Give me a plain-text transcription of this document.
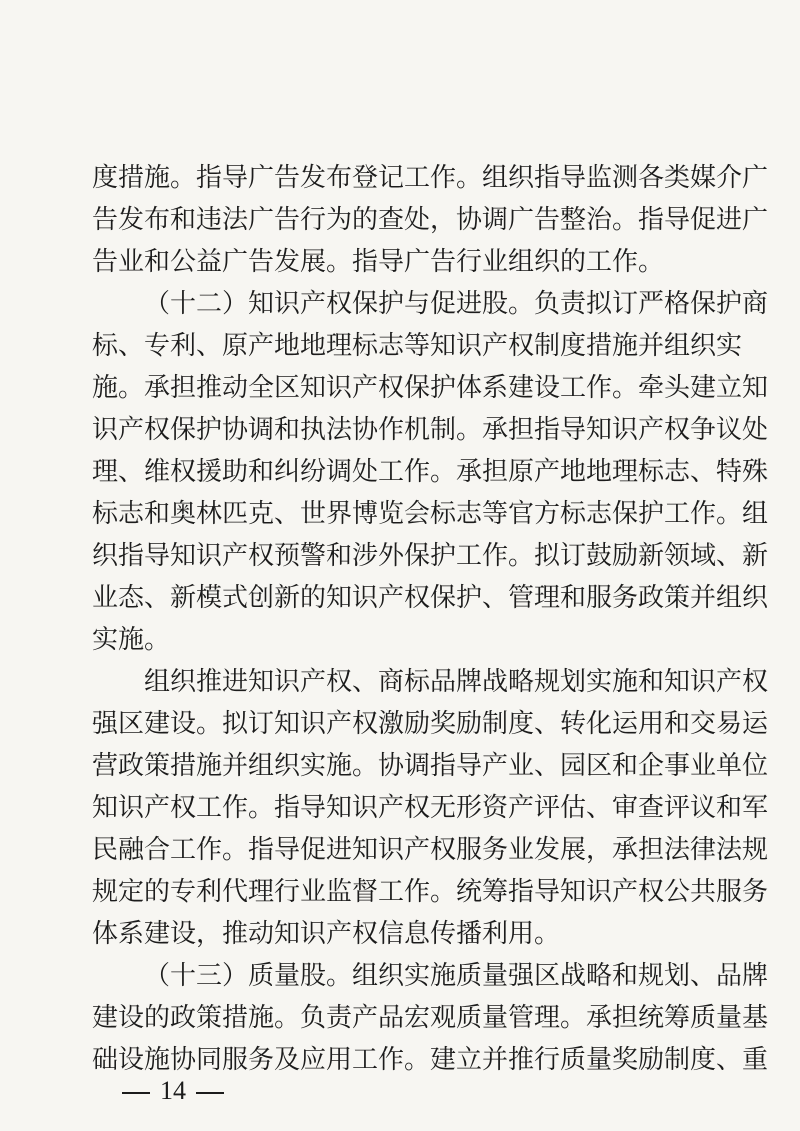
度措施。指导广告发布登记工作。组织指导监测各类媒介广
告发布和违法广告行为的查处，协调广告整治。指导促进广
告业和公益广告发展。指导广告行业组织的工作。
（十二）知识产权保护与促进股。负责拟订严格保护商
标、专利、原产地地理标志等知识产权制度措施并组织实
施。承担推动全区知识产权保护体系建设工作。牵头建立知
识产权保护协调和执法协作机制。承担指导知识产权争议处
理、维权援助和纠纷调处工作。承担原产地地理标志、特殊
标志和奥林匹克、世界博览会标志等官方标志保护工作。组
织指导知识产权预警和涉外保护工作。拟订鼓励新领域、新
业态、新模式创新的知识产权保护、管理和服务政策并组织
实施。
组织推进知识产权、商标品牌战略规划实施和知识产权
强区建设。拟订知识产权激励奖励制度、转化运用和交易运
营政策措施并组织实施。协调指导产业、园区和企事业单位
知识产权工作。指导知识产权无形资产评估、审查评议和军
民融合工作。指导促进知识产权服务业发展，承担法律法规
规定的专利代理行业监督工作。统筹指导知识产权公共服务
体系建设，推动知识产权信息传播利用。
（十三）质量股。组织实施质量强区战略和规划、品牌
建设的政策措施。负责产品宏观质量管理。承担统筹质量基
础设施协同服务及应用工作。建立并推行质量奖励制度、重
14
